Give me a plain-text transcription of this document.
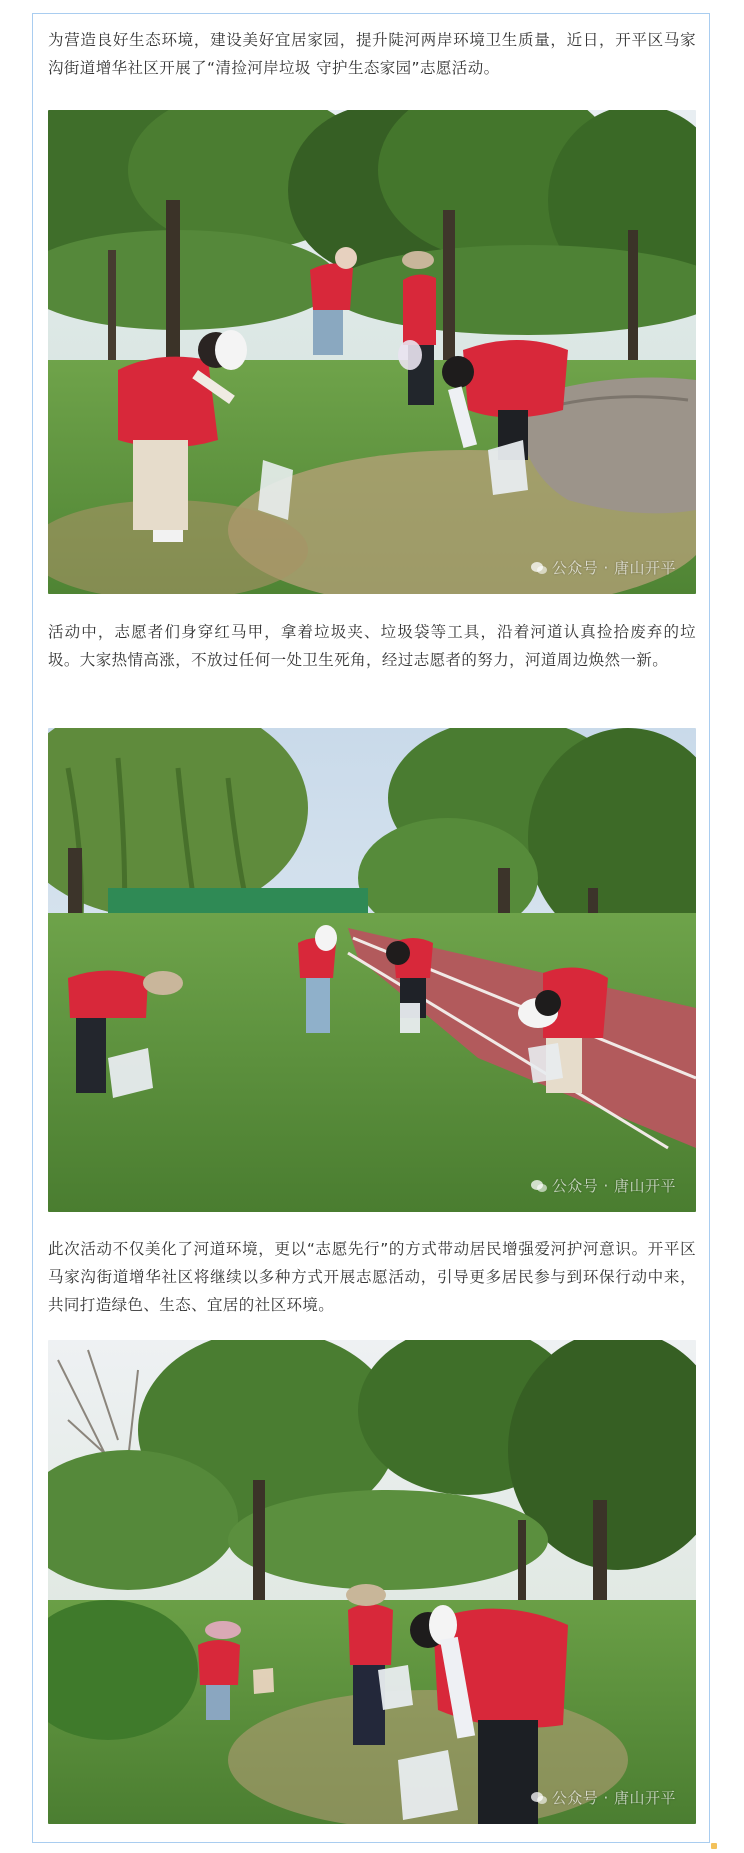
为营造良好生态环境，建设美好宜居家园，提升陡河两岸环境卫生质量，近日，开平区马家沟街道增华社区开展了“清捡河岸垃圾 守护生态家园”志愿活动。

公众号 · 唐山开平

活动中，志愿者们身穿红马甲，拿着垃圾夹、垃圾袋等工具，沿着河道认真捡拾废弃的垃圾。大家热情高涨，不放过任何一处卫生死角，经过志愿者的努力，河道周边焕然一新。

公众号 · 唐山开平

此次活动不仅美化了河道环境，更以“志愿先行”的方式带动居民增强爱河护河意识。开平区马家沟街道增华社区将继续以多种方式开展志愿活动，引导更多居民参与到环保行动中来，共同打造绿色、生态、宜居的社区环境。

公众号 · 唐山开平
